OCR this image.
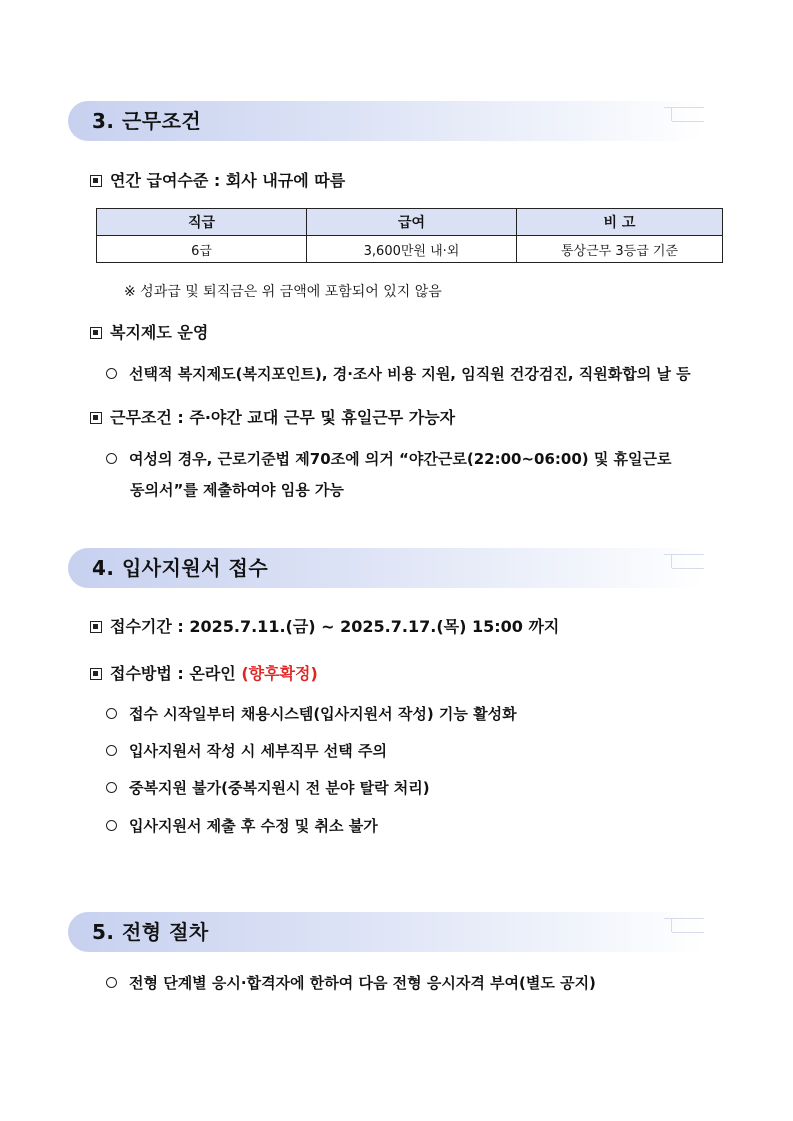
3. 근무조건
연간 급여수준 : 회사 내규에 따름
직급	급여	비 고
6급	3,600만원 내·외	통상근무 3등급 기준
※ 성과급 및 퇴직금은 위 금액에 포함되어 있지 않음
복지제도 운영
선택적 복지제도(복지포인트), 경·조사 비용 지원, 임직원 건강검진, 직원화합의 날 등
근무조건 : 주·야간 교대 근무 및 휴일근무 가능자
여성의 경우, 근로기준법 제70조에 의거 “야간근로(22:00~06:00) 및 휴일근로
동의서”를 제출하여야 임용 가능
4. 입사지원서 접수
접수기간 : 2025.7.11.(금) ~ 2025.7.17.(목) 15:00 까지
접수방법 : 온라인 (향후확정)
접수 시작일부터 채용시스템(입사지원서 작성) 기능 활성화
입사지원서 작성 시 세부직무 선택 주의
중복지원 불가(중복지원시 전 분야 탈락 처리)
입사지원서 제출 후 수정 및 취소 불가
5. 전형 절차
전형 단계별 응시·합격자에 한하여 다음 전형 응시자격 부여(별도 공지)
